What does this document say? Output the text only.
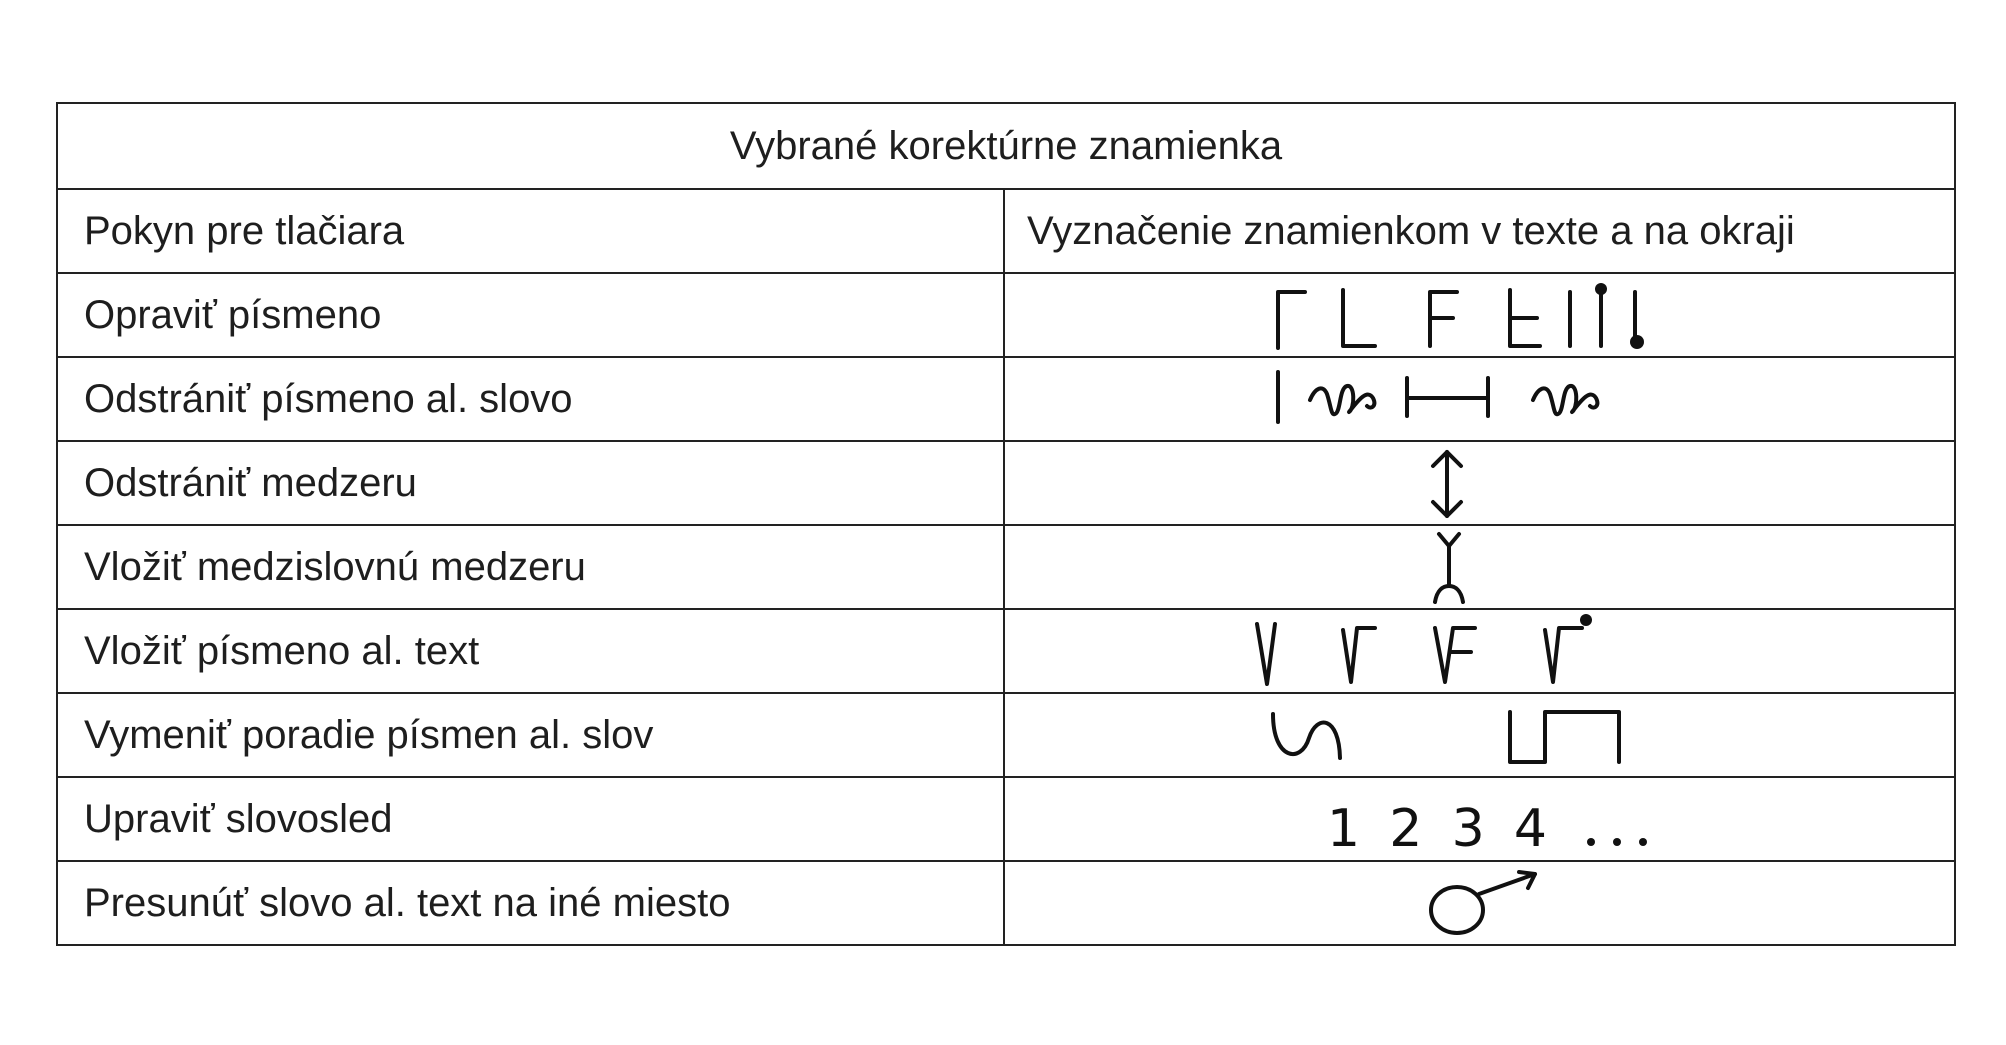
Vybrané korektúrne znamienka
Pokyn pre tlačiara	Vyznačenie znamienkom v texte a na okraji
Opraviť písmeno
Odstrániť písmeno al. slovo
Odstrániť medzeru
Vložiť medzislovnú medzeru
Vložiť písmeno al. text
Vymeniť poradie písmen al. slov
Upraviť slovosled	1 2 3 4
Presunúť slovo al. text na iné miesto
